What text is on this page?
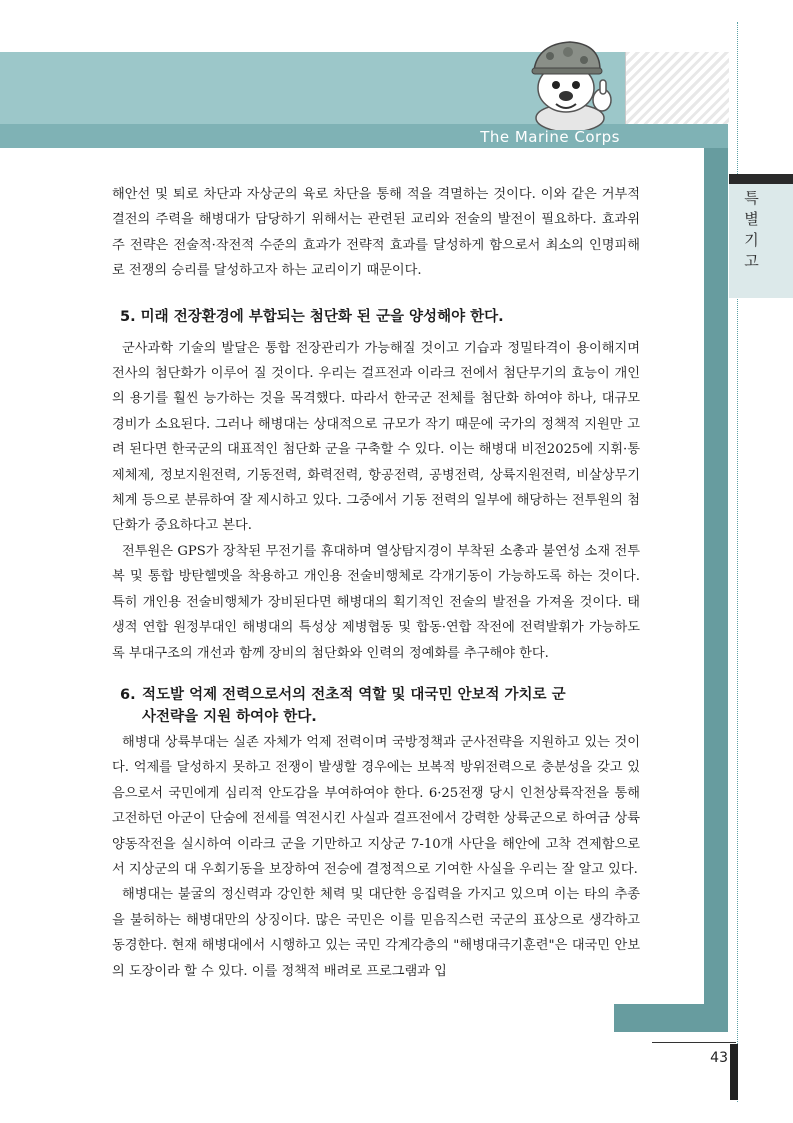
The Marine Corps
특별기고

해안선 및 퇴로 차단과 자상군의 육로 차단을 통해 적을 격멸하는 것이다. 이와 같은 거부적 결전의 주력을 해병대가 담당하기 위해서는 관련된 교리와 전술의 발전이 필요하다. 효과위주 전략은 전술적·작전적 수준의 효과가 전략적 효과를 달성하게 함으로서 최소의 인명피해로 전쟁의 승리를 달성하고자 하는 교리이기 때문이다.

5. 미래 전장환경에 부합되는 첨단화 된 군을 양성해야 한다.

군사과학 기술의 발달은 통합 전장관리가 가능해질 것이고 기습과 정밀타격이 용이해지며 전사의 첨단화가 이루어 질 것이다. 우리는 걸프전과 이라크 전에서 첨단무기의 효능이 개인의 용기를 훨씬 능가하는 것을 목격했다. 따라서 한국군 전체를 첨단화 하여야 하나, 대규모 경비가 소요된다. 그러나 해병대는 상대적으로 규모가 작기 때문에 국가의 정책적 지원만 고려 된다면 한국군의 대표적인 첨단화 군을 구축할 수 있다. 이는 해병대 비전2025에 지휘·통제체제, 정보지원전력, 기동전력, 화력전력, 항공전력, 공병전력, 상륙지원전력, 비살상무기체계 등으로 분류하여 잘 제시하고 있다. 그중에서 기동 전력의 일부에 해당하는 전투원의 첨단화가 중요하다고 본다.

전투원은 GPS가 장착된 무전기를 휴대하며 열상탐지경이 부착된 소총과 불연성 소재 전투복 및 통합 방탄헬멧을 착용하고 개인용 전술비행체로 각개기동이 가능하도록 하는 것이다. 특히 개인용 전술비행체가 장비된다면 해병대의 획기적인 전술의 발전을 가져올 것이다. 태생적 연합 원정부대인 해병대의 특성상 제병협동 및 합동·연합 작전에 전력발휘가 가능하도록 부대구조의 개선과 함께 장비의 첨단화와 인력의 정예화를 추구해야 한다.

6. 적도발 억제 전력으로서의 전초적 역할 및 대국민 안보적 가치로 군
사전략을 지원 하여야 한다.

해병대 상륙부대는 실존 자체가 억제 전력이며 국방정책과 군사전략을 지원하고 있는 것이다. 억제를 달성하지 못하고 전쟁이 발생할 경우에는 보복적 방위전력으로 충분성을 갖고 있음으로서 국민에게 심리적 안도감을 부여하여야 한다. 6·25전쟁 당시 인천상륙작전을 통해 고전하던 아군이 단숨에 전세를 역전시킨 사실과 걸프전에서 강력한 상륙군으로 하여금 상륙 양동작전을 실시하여 이라크 군을 기만하고 지상군 7-10개 사단을 해안에 고착 견제함으로서 지상군의 대 우회기동을 보장하여 전승에 결정적으로 기여한 사실을 우리는 잘 알고 있다.

해병대는 불굴의 정신력과 강인한 체력 및 대단한 응집력을 가지고 있으며 이는 타의 추종을 불허하는 해병대만의 상징이다. 많은 국민은 이를 믿음직스런 국군의 표상으로 생각하고 동경한다. 현재 해병대에서 시행하고 있는 국민 각계각층의 "해병대극기훈련"은 대국민 안보의 도장이라 할 수 있다. 이를 정책적 배려로 프로그램과 입

43
